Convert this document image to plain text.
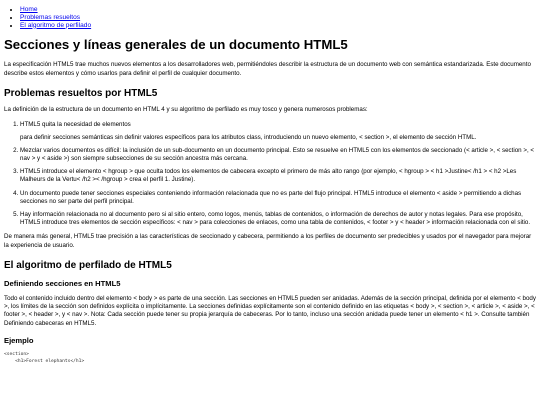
• Home
• Problemas resueltos
• El algoritmo de perfilado
Secciones y líneas generales de un documento HTML5

La especificación HTML5 trae muchos nuevos elementos a los desarrolladores web, permitiéndoles describir la estructura de un documento web con semántica estandarizada. Este documento describe estos elementos y cómo usarlos para definir el perfil de cualquier documento.

Problemas resueltos por HTML5

La definición de la estructura de un documento en HTML 4 y su algoritmo de perfilado es muy tosco y genera numerosos problemas:

1. HTML5 quita la necesidad de elementos

para definir secciones semánticas sin definir valores específicos para los atributos class, introduciendo un nuevo elemento, < section >, el elemento de sección HTML.

2. Mezclar varios documentos es difícil: la inclusión de un sub-documento en un documento principal. Esto se resuelve en HTML5 con los elementos de seccionado (< article >, < section >, < nav > y < aside >) son siempre subsecciones de su sección ancestra más cercana.
3. HTML5 introduce el elemento < hgroup > que oculta todos los elementos de cabecera excepto el primero de más alto rango (por ejemplo, < hgroup > < h1 >Justine< /h1 > < h2 >Les Malheurs de la Vertu< /h2 >< /hgroup > crea el perfil 1. Justine).
4. Un documento puede tener secciones especiales conteniendo información relacionada que no es parte del flujo principal. HTML5 introduce el elemento < aside > permitiendo a dichas secciones no ser parte del perfil principal.
5. Hay información relacionada no al documento pero si al sitio entero, como logos, menús, tablas de contenidos, o información de derechos de autor y notas legales. Para ese propósito, HTML5 introduce tres elementos de sección específicos: < nav > para colecciones de enlaces, como una tabla de contenidos, < footer > y < header > información relacionada con el sitio.

De manera más general, HTML5 trae precisión a las características de seccionado y cabecera, permitiendo a los perfiles de documento ser predecibles y usados por el navegador para mejorar la experiencia de usuario.

El algoritmo de perfilado de HTML5
Definiendo secciones en HTML5

Todo el contenido incluido dentro del elemento < body > es parte de una sección. Las secciones en HTML5 pueden ser anidadas. Además de la sección principal, definida por el elemento < body >, los límites de la sección son definidos explícita o implícitamente. La secciones definidas explícitamente son el contenido definido en las etiquetas < body >, < section >, < article >, < aside >, < footer >, < header >, y < nav >. Nota: Cada sección puede tener su propia jerarquía de cabeceras. Por lo tanto, incluso una sección anidada puede tener un elemento < h1 >. Consulte también Definiendo cabeceras en HTML5.

Ejemplo
<section>
<h1>Forest elephants</h1>
